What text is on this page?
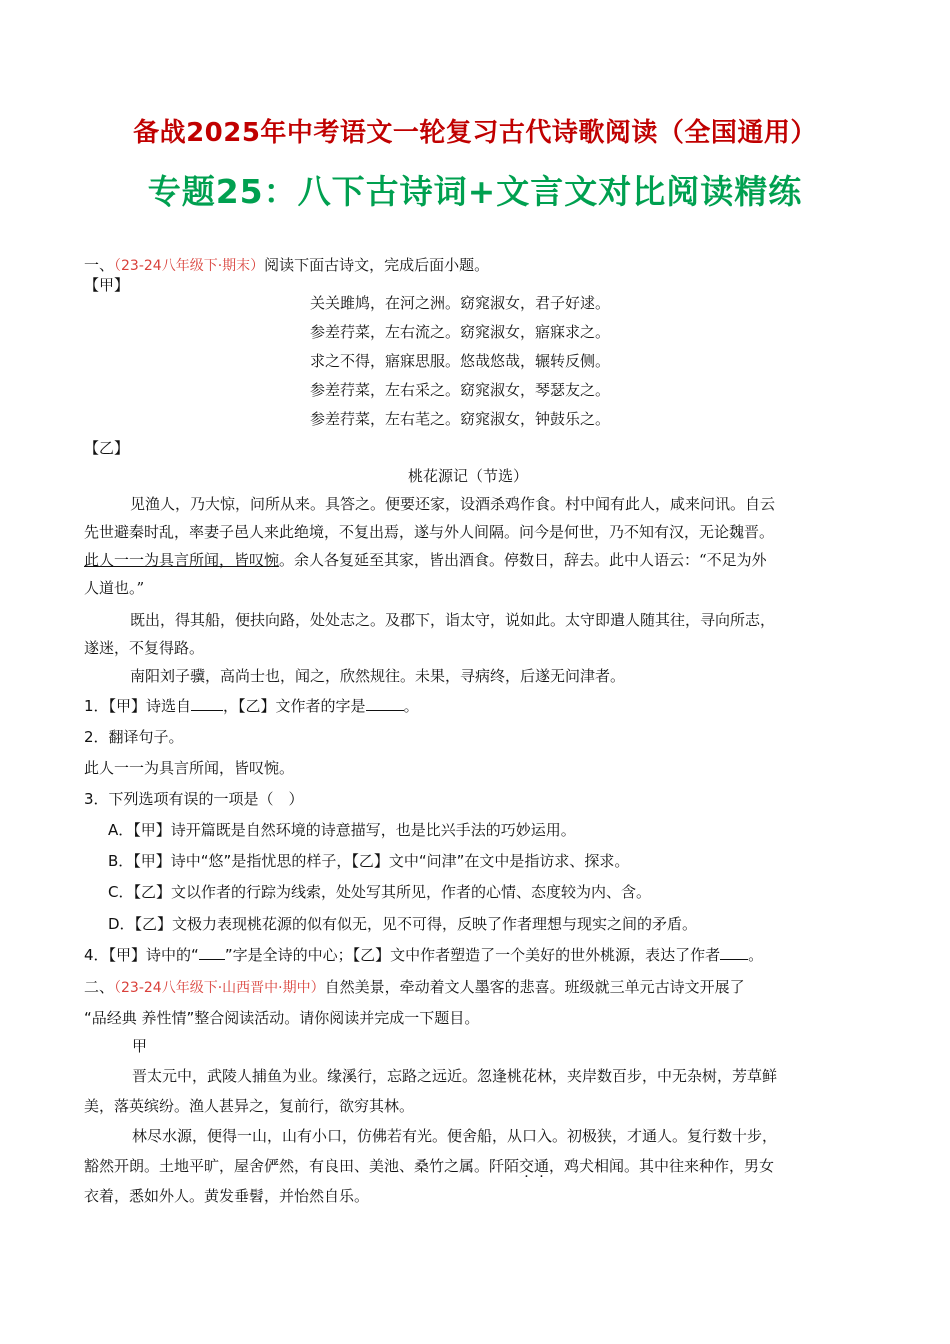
备战2025年中考语文一轮复习古代诗歌阅读（全国通用）
专题25：八下古诗词+文言文对比阅读精练
一、（23-24八年级下·期末）阅读下面古诗文，完成后面小题。
【甲】
关关雎鸠，在河之洲。窈窕淑女，君子好逑。
参差荇菜，左右流之。窈窕淑女，寤寐求之。
求之不得，寤寐思服。悠哉悠哉，辗转反侧。
参差荇菜，左右采之。窈窕淑女，琴瑟友之。
参差荇菜，左右芼之。窈窕淑女，钟鼓乐之。
【乙】
桃花源记（节选）
见渔人，乃大惊，问所从来。具答之。便要还家，设酒杀鸡作食。村中闻有此人，咸来问讯。自云
先世避秦时乱，率妻子邑人来此绝境，不复出焉，遂与外人间隔。问今是何世，乃不知有汉，无论魏晋。
此人一一为具言所闻，皆叹惋。余人各复延至其家，皆出酒食。停数日，辞去。此中人语云：“不足为外
人道也。”
既出，得其船，便扶向路，处处志之。及郡下，诣太守，说如此。太守即遣人随其往，寻向所志，
遂迷，不复得路。
南阳刘子骥，高尚士也，闻之，欣然规往。未果，寻病终，后遂无问津者。
1．【甲】诗选自 ，【乙】文作者的字是	。
2．翻译句子。
此人一一为具言所闻，皆叹惋。
3．下列选项有误的一项是（　）
A．【甲】诗开篇既是自然环境的诗意描写，也是比兴手法的巧妙运用。
B．【甲】诗中“悠”是指忧思的样子，【乙】文中“问津”在文中是指访求、探求。
C．【乙】文以作者的行踪为线索，处处写其所见，作者的心情、态度较为内、含。
D．【乙】文极力表现桃花源的似有似无，见不可得，反映了作者理想与现实之间的矛盾。
4．【甲】诗中的“ ”字是全诗的中心；【乙】文中作者塑造了一个美好的世外桃源，表达了作者 。
二、（23-24八年级下·山西晋中·期中）自然美景，牵动着文人墨客的悲喜。班级就三单元古诗文开展了
“品经典 养性情”整合阅读活动。请你阅读并完成一下题目。
甲
晋太元中，武陵人捕鱼为业。缘溪行，忘路之远近。忽逢桃花林，夹岸数百步，中无杂树，芳草鲜
美，落英缤纷。渔人甚异之，复前行，欲穷其林。
林尽水源，便得一山，山有小口，仿佛若有光。便舍船，从口入。初极狭，才通人。复行数十步，
豁然开朗。土地平旷，屋舍俨然，有良田、美池、桑竹之属。阡陌交通，鸡犬相闻。其中往来种作，男女
衣着，悉如外人。黄发垂髫，并怡然自乐。
